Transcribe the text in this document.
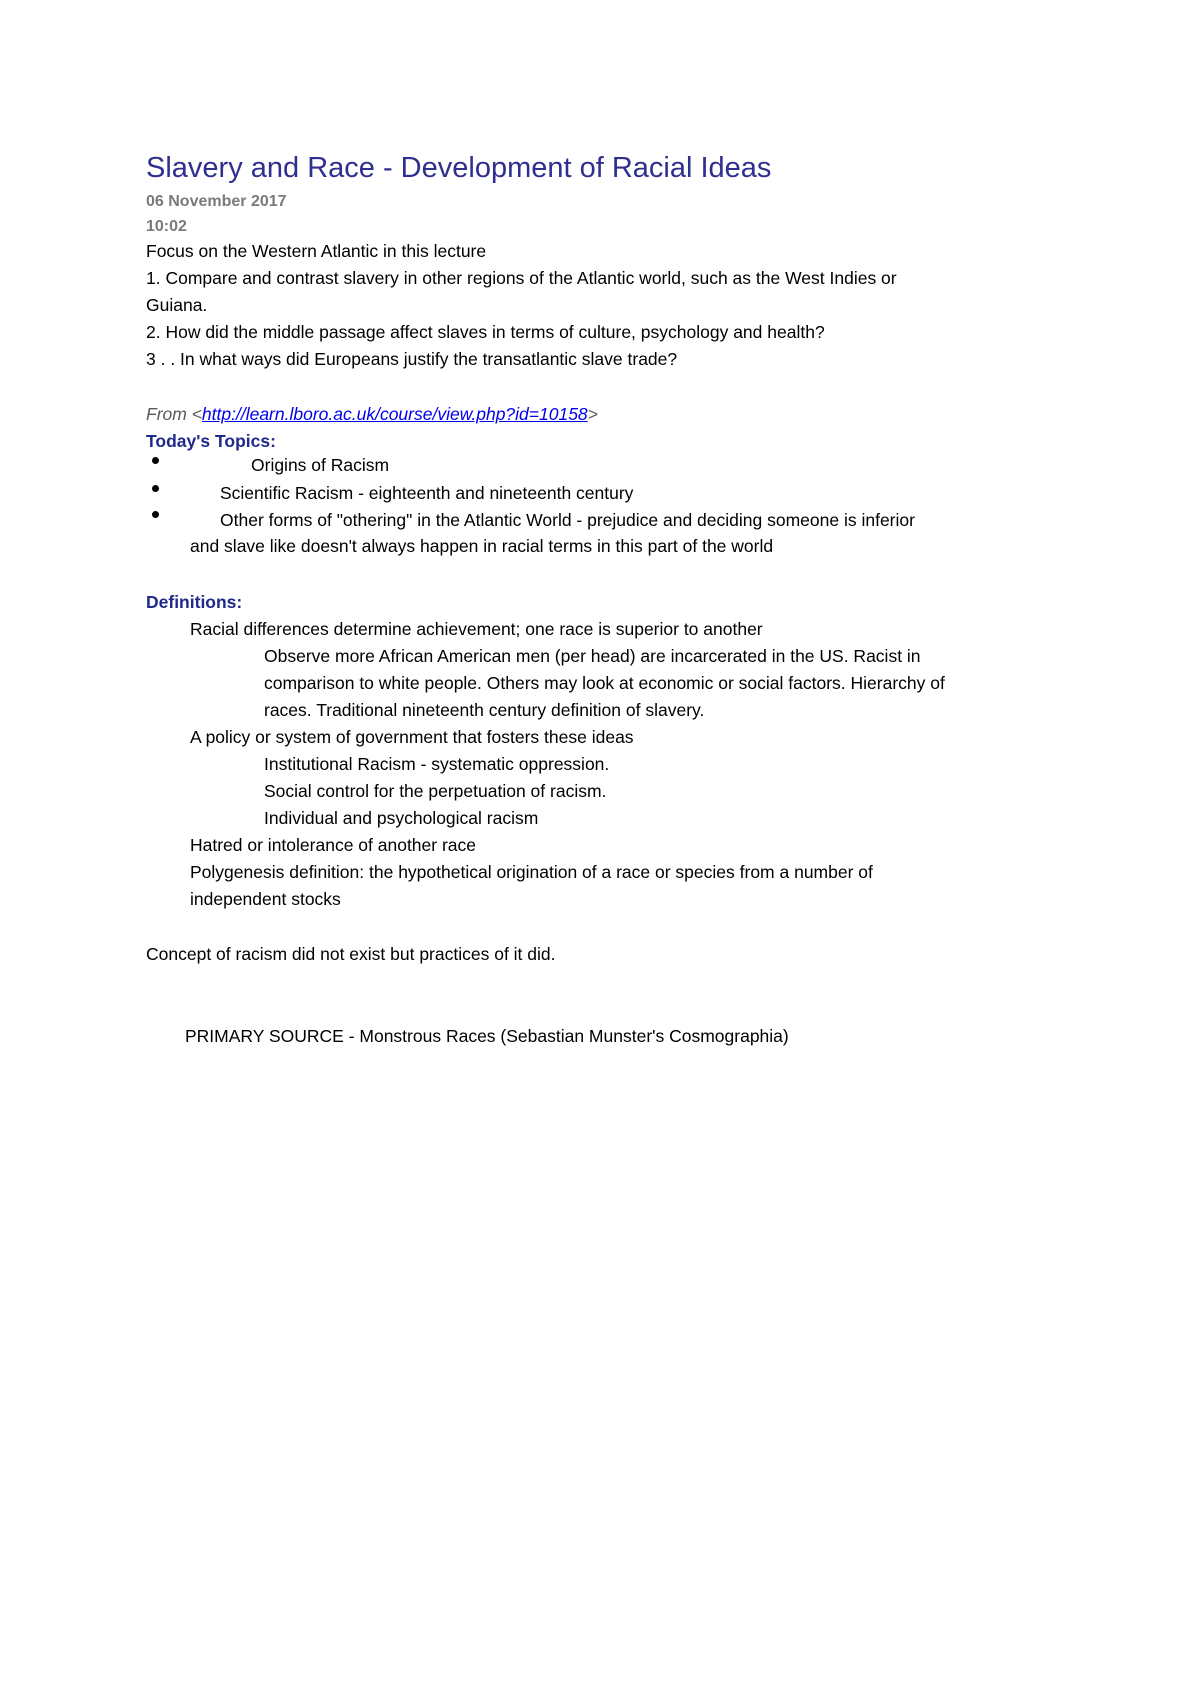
Slavery and Race - Development of Racial Ideas
06 November 2017
10:02
Focus on the Western Atlantic in this lecture
1. Compare and contrast slavery in other regions of the Atlantic world, such as the West Indies or
Guiana.
2. How did the middle passage affect slaves in terms of culture, psychology and health?
3 . . In what ways did Europeans justify the transatlantic slave trade?
From <http://learn.lboro.ac.uk/course/view.php?id=10158>
Today's Topics:
Origins of Racism
Scientific Racism - eighteenth and nineteenth century
Other forms of "othering" in the Atlantic World - prejudice and deciding someone is inferior
and slave like doesn't always happen in racial terms in this part of the world
Definitions:
Racial differences determine achievement; one race is superior to another
Observe more African American men (per head) are incarcerated in the US. Racist in
comparison to white people. Others may look at economic or social factors. Hierarchy of
races. Traditional nineteenth century definition of slavery.
A policy or system of government that fosters these ideas
Institutional Racism - systematic oppression.
Social control for the perpetuation of racism.
Individual and psychological racism
Hatred or intolerance of another race
Polygenesis definition: the hypothetical origination of a race or species from a number of
independent stocks
Concept of racism did not exist but practices of it did.
PRIMARY SOURCE - Monstrous Races (Sebastian Munster's Cosmographia)
